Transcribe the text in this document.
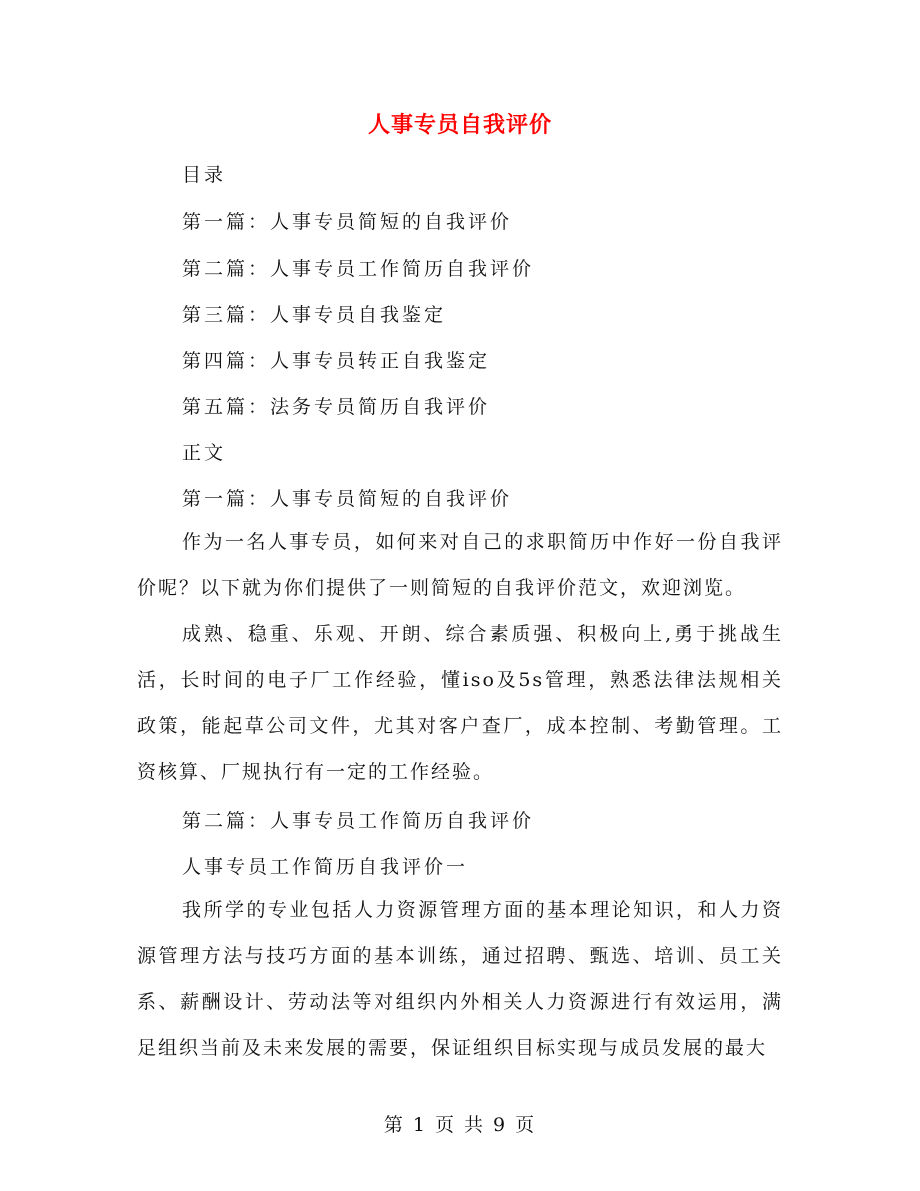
人事专员自我评价
目录
第一篇：人事专员简短的自我评价
第二篇：人事专员工作简历自我评价
第三篇：人事专员自我鉴定
第四篇：人事专员转正自我鉴定
第五篇：法务专员简历自我评价
正文
第一篇：人事专员简短的自我评价
作为一名人事专员，如何来对自己的求职简历中作好一份自我评价呢？以下就为你们提供了一则简短的自我评价范文，欢迎浏览。
成熟、稳重、乐观、开朗、综合素质强、积极向上,勇于挑战生活，长时间的电子厂工作经验，懂iso及5s管理，熟悉法律法规相关政策，能起草公司文件，尤其对客户查厂，成本控制、考勤管理。工资核算、厂规执行有一定的工作经验。
第二篇：人事专员工作简历自我评价
人事专员工作简历自我评价一
我所学的专业包括人力资源管理方面的基本理论知识，和人力资源管理方法与技巧方面的基本训练，通过招聘、甄选、培训、员工关系、薪酬设计、劳动法等对组织内外相关人力资源进行有效运用，满足组织当前及未来发展的需要，保证组织目标实现与成员发展的最大
第 1 页 共 9 页
